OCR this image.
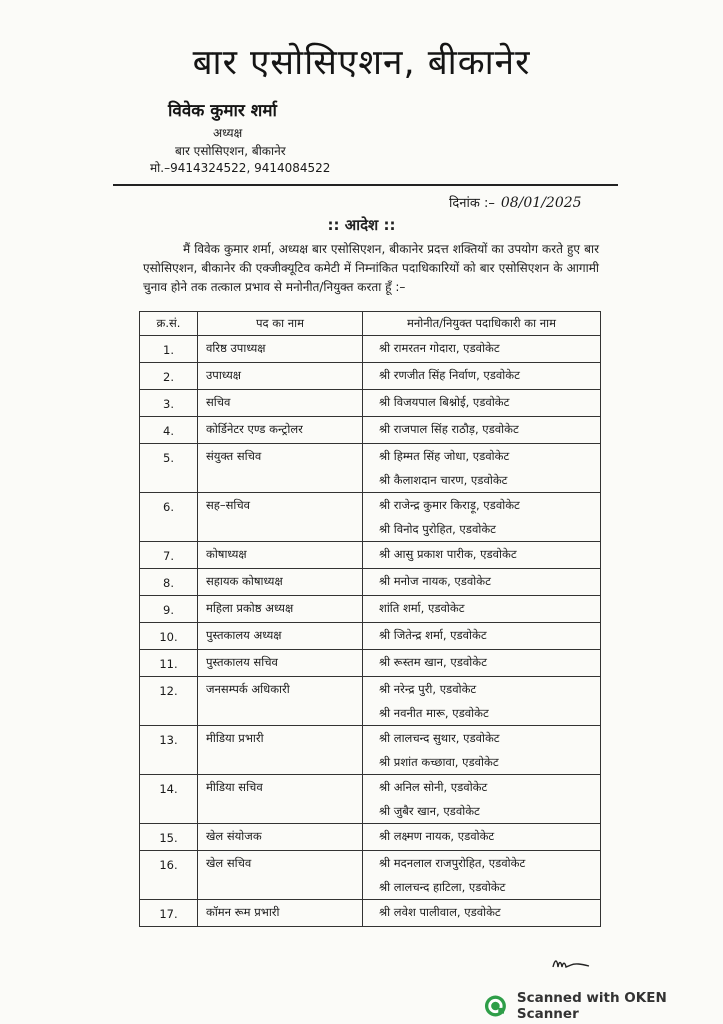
बार एसोसिएशन, बीकानेर
विवेक कुमार शर्मा
अध्यक्ष
बार एसोसिएशन, बीकानेर
मो.–9414324522, 9414084522
दिनांक :– 08/01/2025
:: आदेश ::
मैं विवेक कुमार शर्मा, अध्यक्ष बार एसोसिएशन, बीकानेर प्रदत्त शक्तियों का उपयोग करते हुए बार एसोसिएशन, बीकानेर की एक्जीक्यूटिव कमेटी में निम्नांकित पदाधिकारियों को बार एसोसिएशन के आगामी चुनाव होने तक तत्काल प्रभाव से मनोनीत/नियुक्त करता हूँ :–
क्र.सं.	पद का नाम	मनोनीत/नियुक्त पदाधिकारी का नाम
1.	वरिष्ठ उपाध्यक्ष	श्री रामरतन गोदारा, एडवोकेट

2.	उपाध्यक्ष	श्री रणजीत सिंह निर्वाण, एडवोकेट

3.	सचिव	श्री विजयपाल बिश्नोई, एडवोकेट

4.	कोर्डिनेटर एण्ड कन्ट्रोलर	श्री राजपाल सिंह राठौड़, एडवोकेट

5.	संयुक्त सचिव	श्री हिम्मत सिंह जोधा, एडवोकेट
श्री कैलाशदान चारण, एडवोकेट

6.	सह–सचिव	श्री राजेन्द्र कुमार किराड़ू, एडवोकेट
श्री विनोद पुरोहित, एडवोकेट

7.	कोषाध्यक्ष	श्री आसु प्रकाश पारीक, एडवोकेट

8.	सहायक कोषाध्यक्ष	श्री मनोज नायक, एडवोकेट

9.	महिला प्रकोष्ठ अध्यक्ष	शांति शर्मा, एडवोकेट

10.	पुस्तकालय अध्यक्ष	श्री जितेन्द्र शर्मा, एडवोकेट

11.	पुस्तकालय सचिव	श्री रूस्तम खान, एडवोकेट

12.	जनसम्पर्क अधिकारी	श्री नरेन्द्र पुरी, एडवोकेट
श्री नवनीत मारू, एडवोकेट

13.	मीडिया प्रभारी	श्री लालचन्द सुथार, एडवोकेट
श्री प्रशांत कच्छावा, एडवोकेट

14.	मीडिया सचिव	श्री अनिल सोनी, एडवोकेट
श्री जुबैर खान, एडवोकेट

15.	खेल संयोजक	श्री लक्ष्मण नायक, एडवोकेट

16.	खेल सचिव	श्री मदनलाल राजपुरोहित, एडवोकेट
श्री लालचन्द हाटिला, एडवोकेट

17.	कॉमन रूम प्रभारी	श्री लवेश पालीवाल, एडवोकेट
Scanned with OKEN Scanner
